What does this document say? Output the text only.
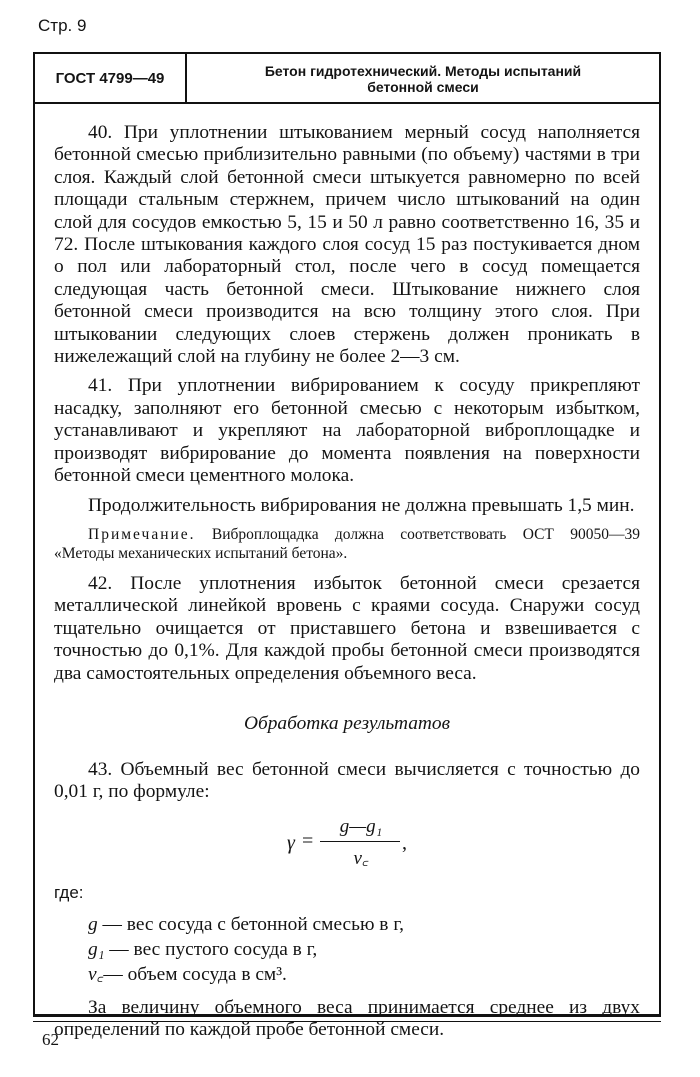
Стр. 9
ГОСТ 4799—49	Бетон гидротехнический. Методы испытаний
бетонной смеси

40. При уплотнении штыкованием мерный сосуд наполняется бетонной смесью приблизительно равными (по объему) частями в три слоя. Каждый слой бетонной смеси штыкуется равномерно по всей площади стальным стержнем, причем число штыкований на один слой для сосудов емкостью 5, 15 и 50 л равно соответственно 16, 35 и 72. После штыкования каждого слоя сосуд 15 раз постукивается дном о пол или лабораторный стол, после чего в сосуд помещается следующая часть бетонной смеси. Штыкование нижнего слоя бетонной смеси производится на всю толщину этого слоя. При штыковании следующих слоев стержень должен проникать в нижележащий слой на глубину не более 2—3 см.

41. При уплотнении вибрированием к сосуду прикрепляют насадку, заполняют его бетонной смесью с некоторым избытком, устанавливают и укрепляют на лабораторной виброплощадке и производят вибрирование до момента появления на поверхности бетонной смеси цементного молока.

Продолжительность вибрирования не должна превышать 1,5 мин.

Примечание. Виброплощадка должна соответствовать ОСТ 90050—39 «Методы механических испытаний бетона».

42. После уплотнения избыток бетонной смеси срезается металлической линейкой вровень с краями сосуда. Снаружи сосуд тщательно очищается от приставшего бетона и взвешивается с точностью до 0,1%. Для каждой пробы бетонной смеси производятся два самостоятельных определения объемного веса.

Обработка результатов

43. Объемный вес бетонной смеси вычисляется с точностью до 0,01 г, по формуле:

γ =
g—g₁
v꜀
,

где:

g — вес сосуда с бетонной смесью в г,

g₁ — вес пустого сосуда в г,

v꜀— объем сосуда в см³.

За величину объемного веса принимается среднее из двух определений по каждой пробе бетонной смеси.

62
